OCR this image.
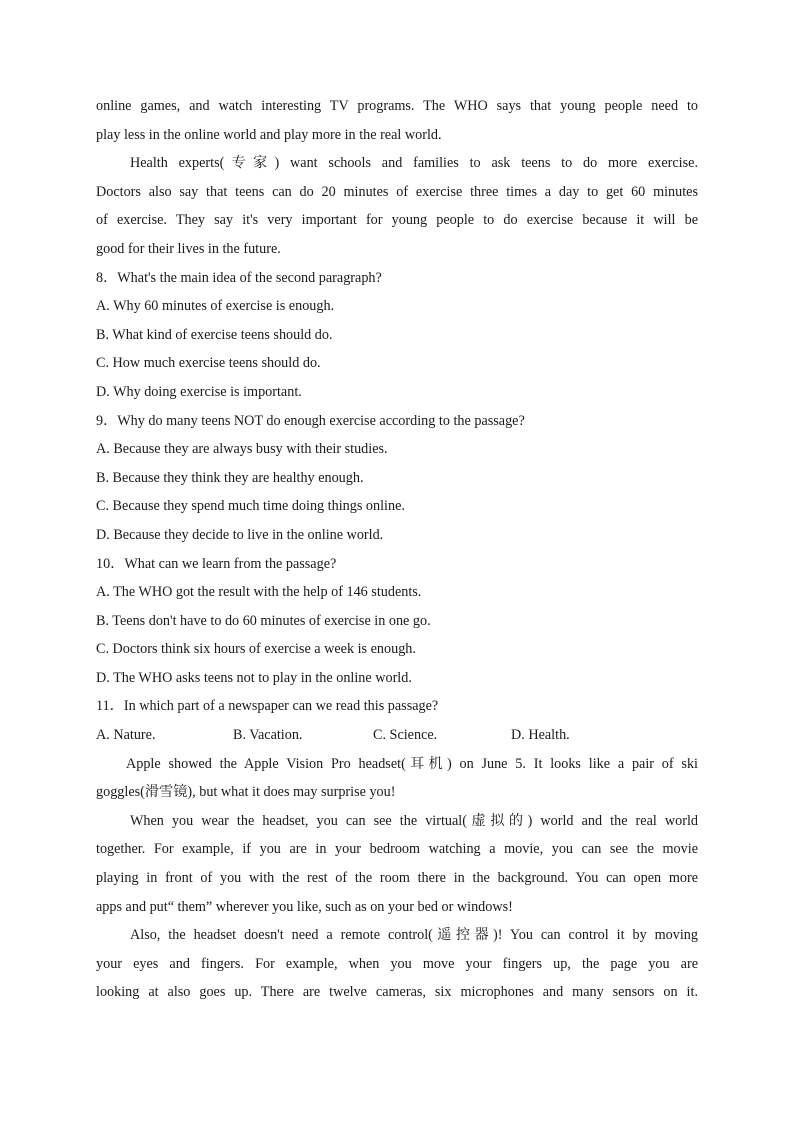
online games, and watch interesting TV programs. The WHO says that young people need to
play less in the online world and play more in the real world.
Health experts(专家) want schools and families to ask teens to do more exercise.
Doctors also say that teens can do 20 minutes of exercise three times a day to get 60 minutes
of exercise. They say it's very important for young people to do exercise because it will be
good for their lives in the future.
8．What's the main idea of the second paragraph?
A. Why 60 minutes of exercise is enough.
B. What kind of exercise teens should do.
C. How much exercise teens should do.
D. Why doing exercise is important.
9．Why do many teens NOT do enough exercise according to the passage?
A. Because they are always busy with their studies.
B. Because they think they are healthy enough.
C. Because they spend much time doing things online.
D. Because they decide to live in the online world.
10．What can we learn from the passage?
A. The WHO got the result with the help of 146 students.
B. Teens don't have to do 60 minutes of exercise in one go.
C. Doctors think six hours of exercise a week is enough.
D. The WHO asks teens not to play in the online world.
11．In which part of a newspaper can we read this passage?
A. Nature.	B. Vacation.	C. Science.	D. Health.
Apple showed the Apple Vision Pro headset(耳机) on June 5. It looks like a pair of ski
goggles(滑雪镜), but what it does may surprise you!
When you wear the headset, you can see the virtual(虚拟的) world and the real world
together. For example, if you are in your bedroom watching a movie, you can see the movie
playing in front of you with the rest of the room there in the background. You can open more
apps and put“ them” wherever you like, such as on your bed or windows!
Also, the headset doesn't need a remote control(遥控器)! You can control it by moving
your eyes and fingers. For example, when you move your fingers up, the page you are
looking at also goes up. There are twelve cameras, six microphones and many sensors on it.
